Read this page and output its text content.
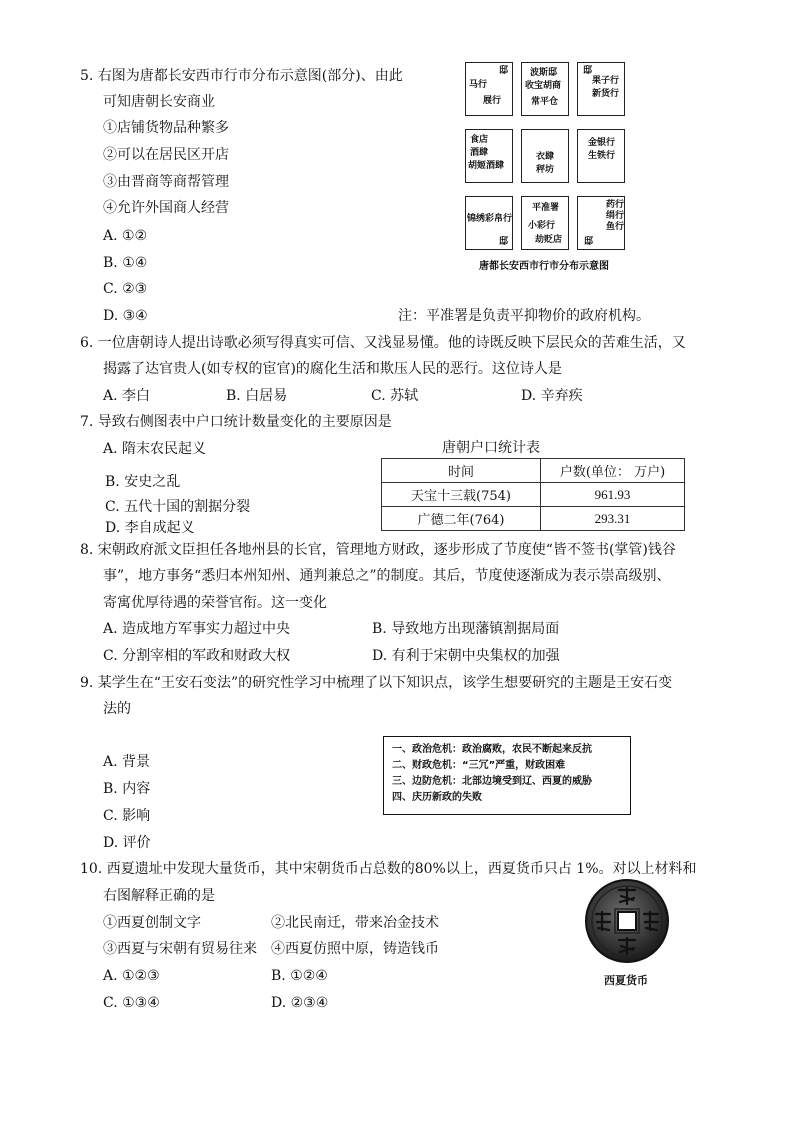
5. 右图为唐都长安西市行市分布示意图(部分)、由此
可知唐朝长安商业
①店铺货物品种繁多
②可以在居民区开店
③由晋商等商帮管理
④允许外国商人经营
A. ①②
B. ①④
C. ②③
D. ③④	注：平准署是负责平抑物价的政府机构。
邸
马行
屐行
波斯邸
收宝胡商
常平仓
邸
果子行
新货行
食店
酒肆
胡姬酒肆
衣肆
秤坊
金银行
生铁行
锦绣彩帛行
邸
平准署
小彩行
劫贬店
药行
绢行
鱼行
邸
唐都长安西市行市分布示意图
6. 一位唐朝诗人提出诗歌必须写得真实可信、又浅显易懂。他的诗既反映下层民众的苦难生活，又
揭露了达官贵人(如专权的宦官)的腐化生活和欺压人民的恶行。这位诗人是
A. 李白	B. 白居易	C. 苏轼	D. 辛弃疾
7. 导致右侧图表中户口统计数量变化的主要原因是
A. 隋末农民起义
B. 安史之乱
C. 五代十国的割据分裂
D. 李自成起义
唐朝户口统计表
时间	户数(单位： 万户)
天宝十三载(754)	961.93
广德二年(764)	293.31
8. 宋朝政府派文臣担任各地州县的长官，管理地方财政，逐步形成了节度使“皆不签书(掌管)钱谷
事”，地方事务“悉归本州知州、通判兼总之”的制度。其后，节度使逐渐成为表示崇高级别、
寄寓优厚待遇的荣誉官衔。这一变化
A. 造成地方军事实力超过中央	B. 导致地方出现藩镇割据局面
C. 分割宰相的军政和财政大权	D. 有利于宋朝中央集权的加强
9. 某学生在“王安石变法”的研究性学习中梳理了以下知识点，该学生想要研究的主题是王安石变
法的
A. 背景
B. 内容
C. 影响
D. 评价
一、政治危机：政治腐败，农民不断起来反抗
二、财政危机：“三冗”严重，财政困难
三、边防危机：北部边境受到辽、西夏的威胁
四、庆历新政的失败
10. 西夏遗址中发现大量货币，其中宋朝货币占总数的80%以上，西夏货币只占 1%。对以上材料和
右图解释正确的是
①西夏创制文字	②北民南迁，带来冶金技术
③西夏与宋朝有贸易往来 ④西夏仿照中原，铸造钱币
A. ①②③	B. ①②④
C. ①③④	D. ②③④
西夏货币
